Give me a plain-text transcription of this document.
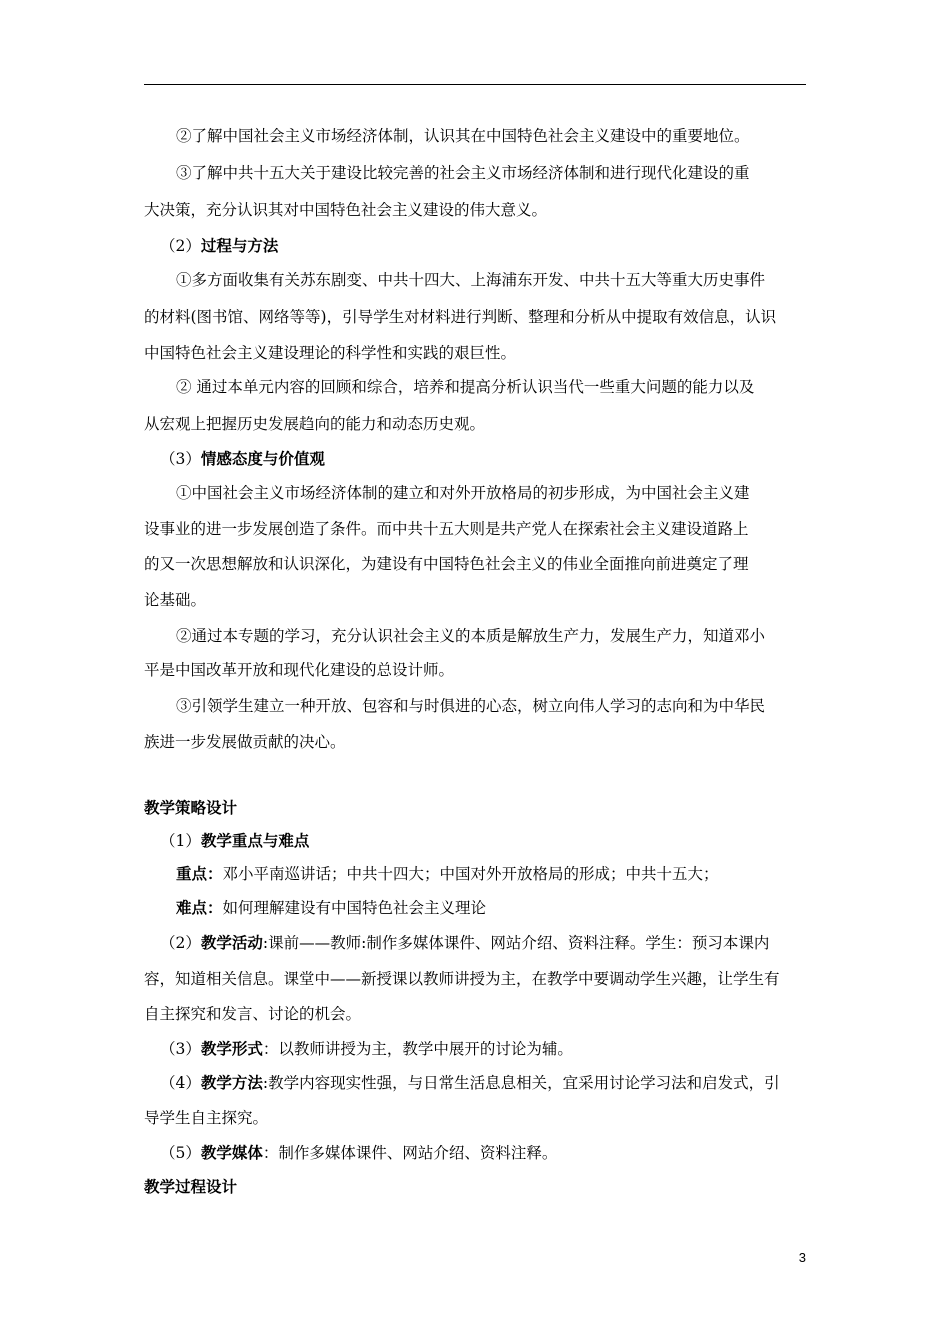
②了解中国社会主义市场经济体制，认识其在中国特色社会主义建设中的重要地位。
③了解中共十五大关于建设比较完善的社会主义市场经济体制和进行现代化建设的重
大决策，充分认识其对中国特色社会主义建设的伟大意义。
（2）过程与方法
①多方面收集有关苏东剧变、中共十四大、上海浦东开发、中共十五大等重大历史事件
的材料(图书馆、网络等等)，引导学生对材料进行判断、整理和分析从中提取有效信息，认识
中国特色社会主义建设理论的科学性和实践的艰巨性。
② 通过本单元内容的回顾和综合，培养和提高分析认识当代一些重大问题的能力以及
从宏观上把握历史发展趋向的能力和动态历史观。
（3）情感态度与价值观
①中国社会主义市场经济体制的建立和对外开放格局的初步形成，为中国社会主义建
设事业的进一步发展创造了条件。而中共十五大则是共产党人在探索社会主义建设道路上
的又一次思想解放和认识深化，为建设有中国特色社会主义的伟业全面推向前进奠定了理
论基础。
②通过本专题的学习，充分认识社会主义的本质是解放生产力，发展生产力，知道邓小
平是中国改革开放和现代化建设的总设计师。
③引领学生建立一种开放、包容和与时俱进的心态，树立向伟人学习的志向和为中华民
族进一步发展做贡献的决心。
教学策略设计
（1）教学重点与难点
重点：邓小平南巡讲话；中共十四大；中国对外开放格局的形成；中共十五大；
难点：如何理解建设有中国特色社会主义理论
（2）教学活动:课前——教师:制作多媒体课件、网站介绍、资料注释。学生：预习本课内
容，知道相关信息。课堂中——新授课以教师讲授为主，在教学中要调动学生兴趣，让学生有
自主探究和发言、讨论的机会。
（3）教学形式：以教师讲授为主，教学中展开的讨论为辅。
（4）教学方法:教学内容现实性强，与日常生活息息相关，宜采用讨论学习法和启发式，引
导学生自主探究。
（5）教学媒体：制作多媒体课件、网站介绍、资料注释。
教学过程设计
3
